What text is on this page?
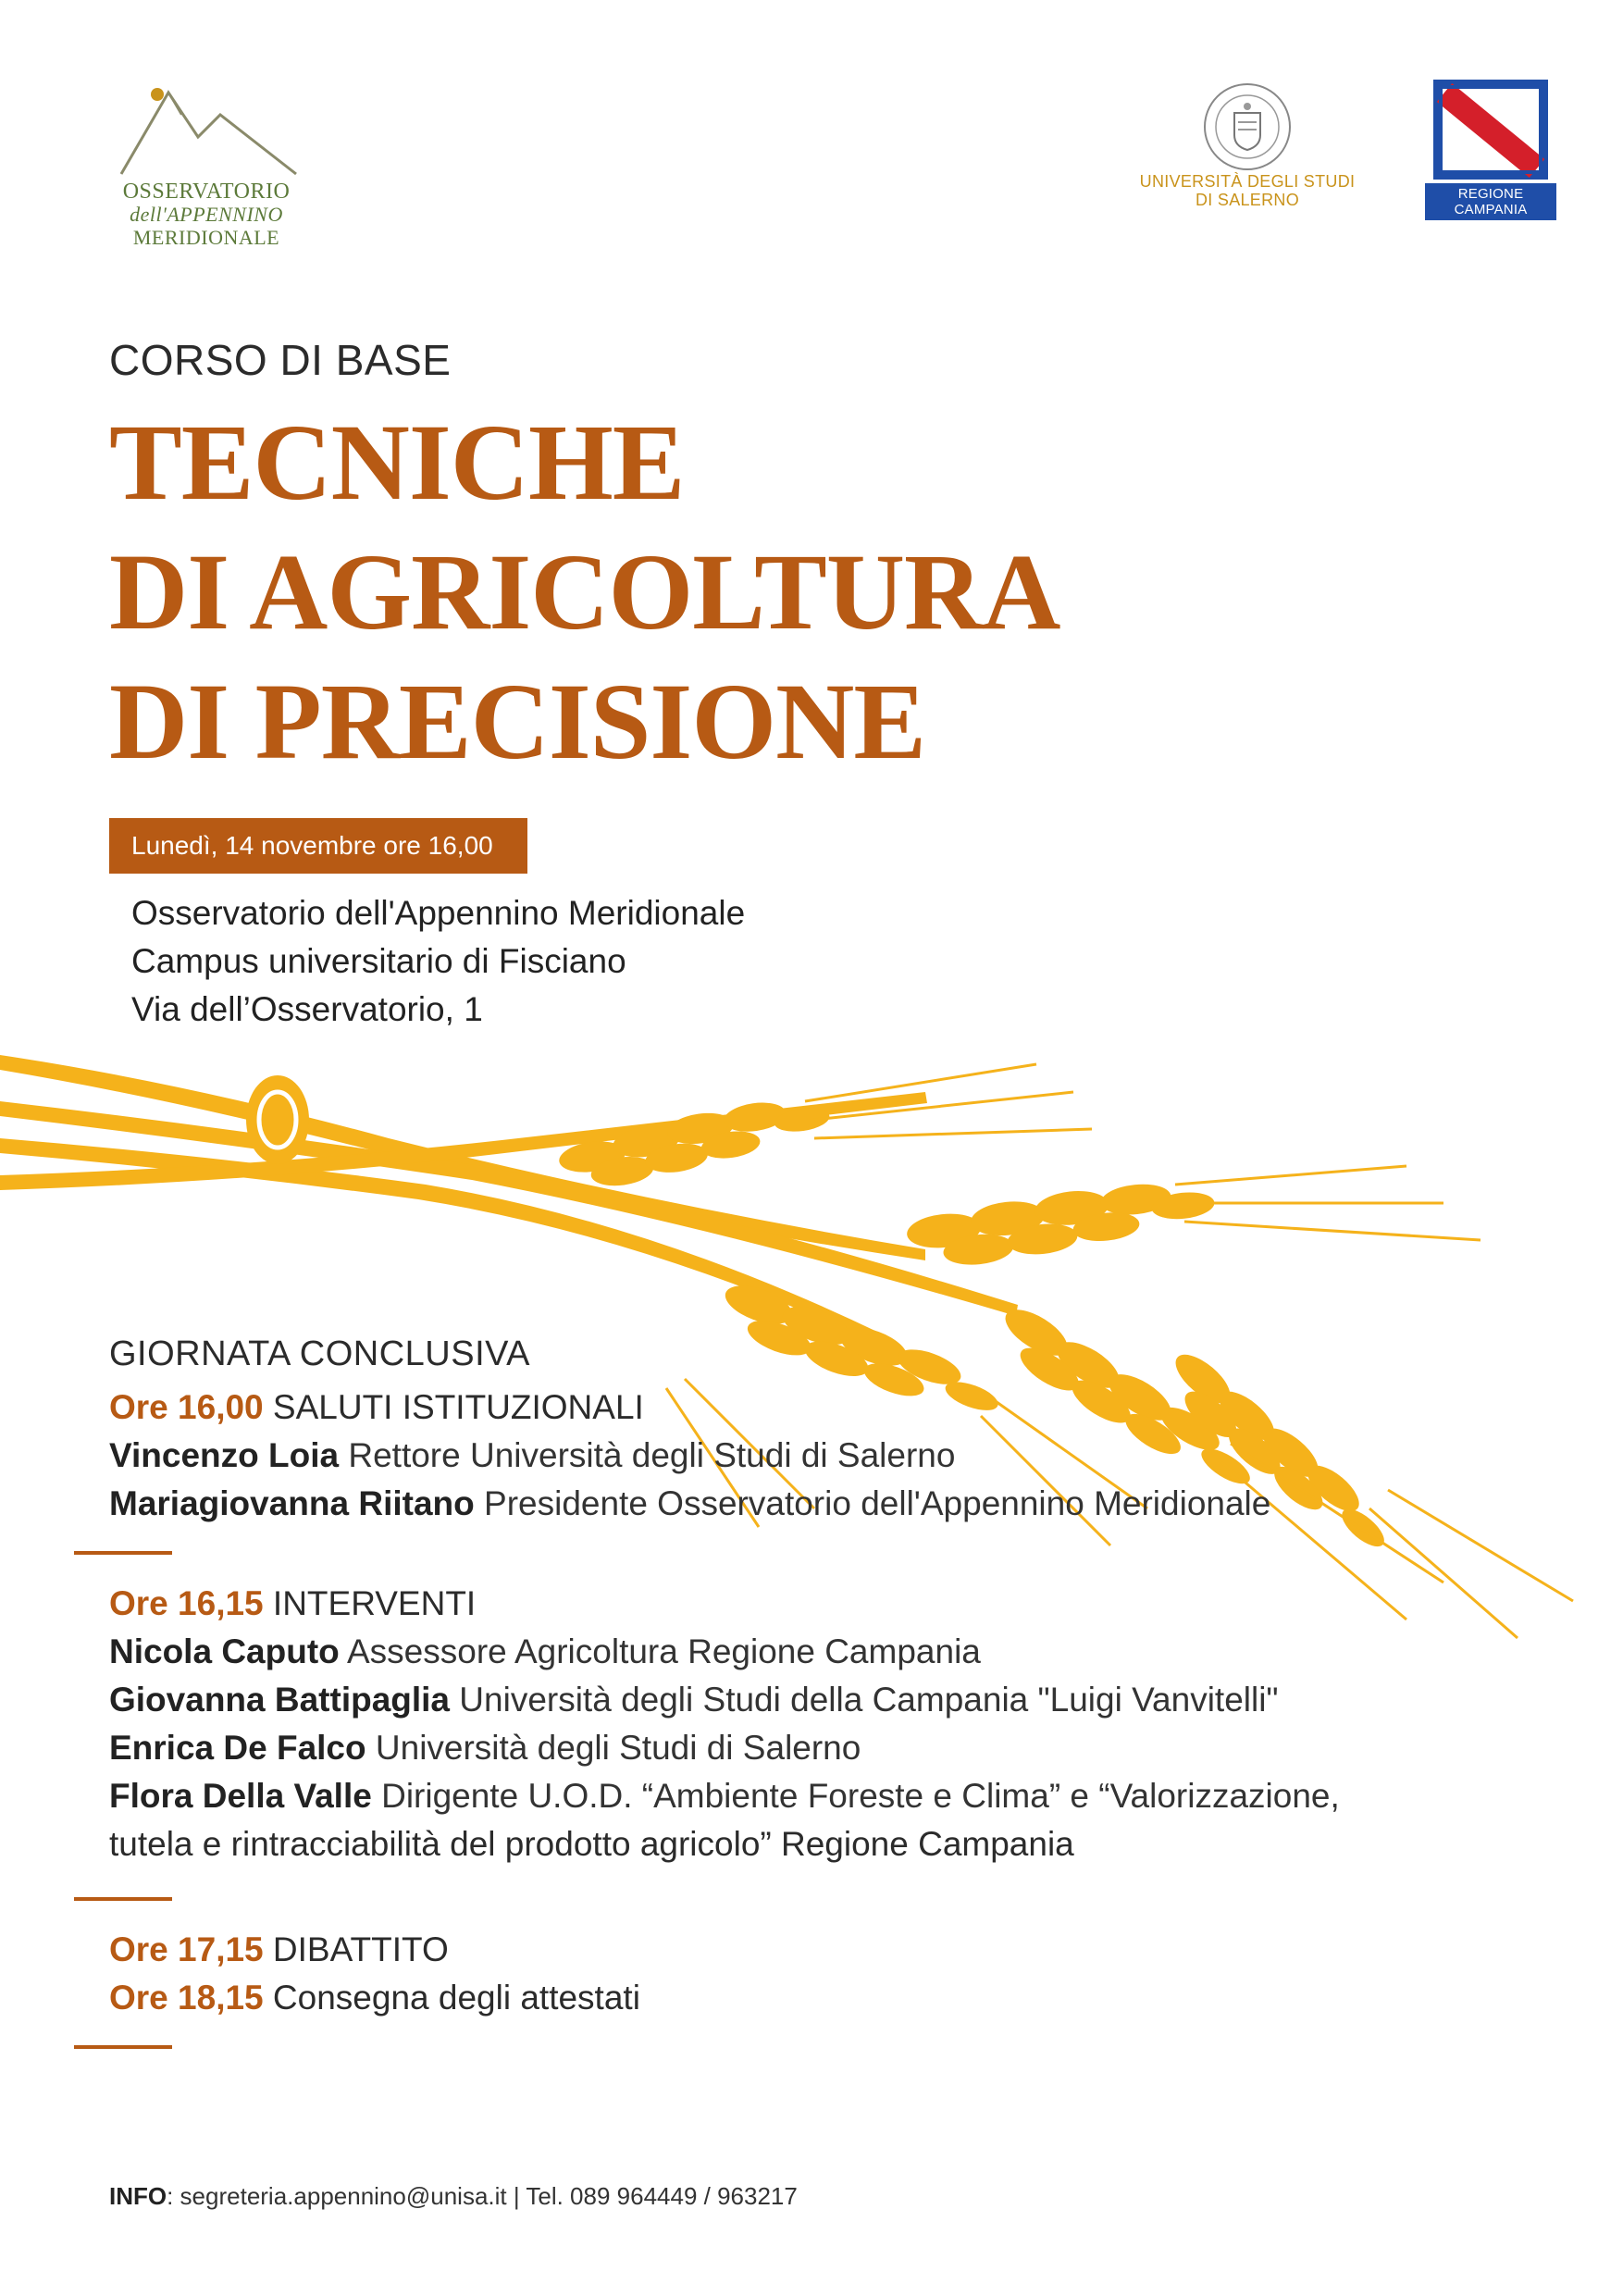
OSSERVATORIO
dell'APPENNINO
MERIDIONALE
UNIVERSITÀ DEGLI STUDI
DI SALERNO	REGIONE CAMPANIA
CORSO DI BASE
TECNICHE
DI AGRICOLTURA
DI PRECISIONE
Lunedì, 14 novembre ore 16,00
Osservatorio dell'Appennino Meridionale
Campus universitario di Fisciano
Via dell’Osservatorio, 1
GIORNATA CONCLUSIVA
Ore 16,00 SALUTI ISTITUZIONALI
Vincenzo Loia Rettore Università degli Studi di Salerno
Mariagiovanna Riitano Presidente Osservatorio dell'Appennino Meridionale
Ore 16,15 INTERVENTI
Nicola Caputo Assessore Agricoltura Regione Campania
Giovanna Battipaglia Università degli Studi della Campania "Luigi Vanvitelli"
Enrica De Falco Università degli Studi di Salerno
Flora Della Valle Dirigente U.O.D. “Ambiente Foreste e Clima” e “Valorizzazione,
tutela e rintracciabilità del prodotto agricolo” Regione Campania
Ore 17,15 DIBATTITO
Ore 18,15 Consegna degli attestati
INFO: segreteria.appennino@unisa.it | Tel. 089 964449 / 963217
